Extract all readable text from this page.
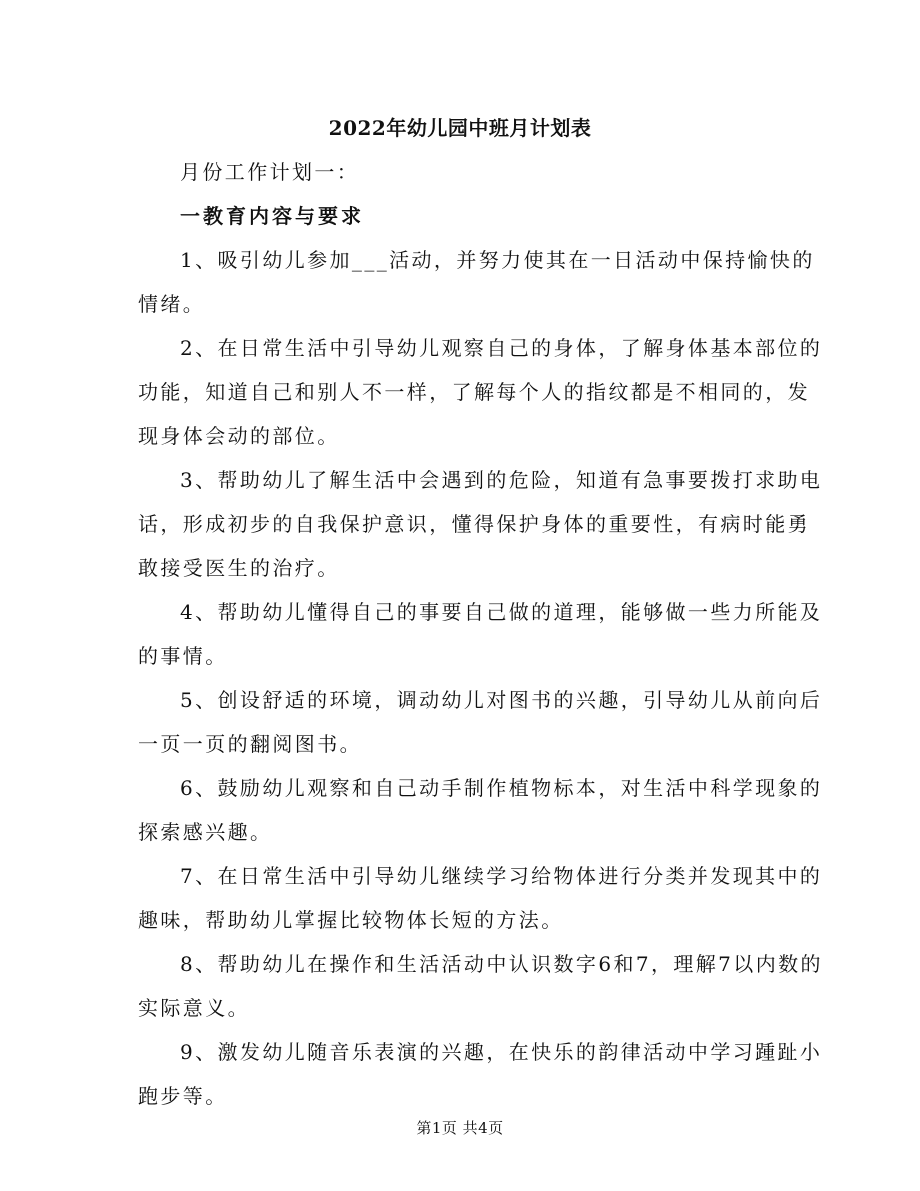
2022年幼儿园中班月计划表

月份工作计划一：

一教育内容与要求

1、吸引幼儿参加___活动，并努力使其在一日活动中保持愉快的

情绪。

2、在日常生活中引导幼儿观察自己的身体，了解身体基本部位的

功能，知道自己和别人不一样，了解每个人的指纹都是不相同的，发

现身体会动的部位。

3、帮助幼儿了解生活中会遇到的危险，知道有急事要拨打求助电

话，形成初步的自我保护意识，懂得保护身体的重要性，有病时能勇

敢接受医生的治疗。

4、帮助幼儿懂得自己的事要自己做的道理，能够做一些力所能及

的事情。

5、创设舒适的环境，调动幼儿对图书的兴趣，引导幼儿从前向后

一页一页的翻阅图书。

6、鼓励幼儿观察和自己动手制作植物标本，对生活中科学现象的

探索感兴趣。

7、在日常生活中引导幼儿继续学习给物体进行分类并发现其中的

趣味，帮助幼儿掌握比较物体长短的方法。

8、帮助幼儿在操作和生活活动中认识数字6和7，理解7以内数的

实际意义。

9、激发幼儿随音乐表演的兴趣，在快乐的韵律活动中学习踵趾小

跑步等。

第1页 共4页
